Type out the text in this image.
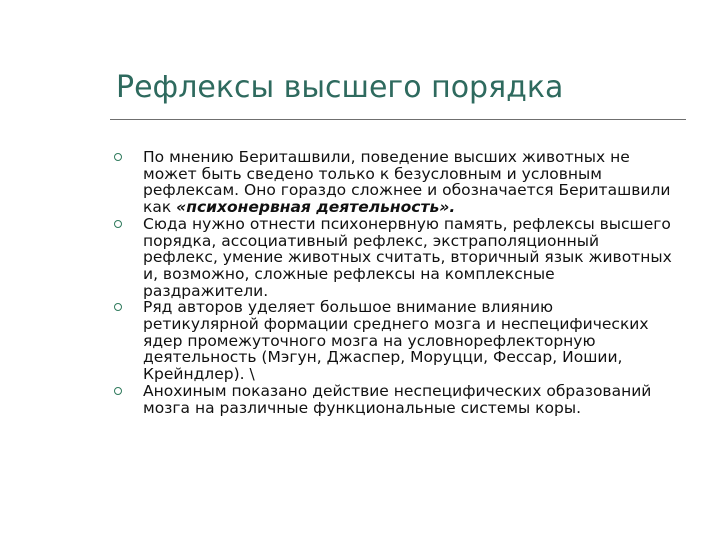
Рефлексы высшего порядка
По мнению Бериташвили, поведение высших животных не может быть сведено только к безусловным и условным рефлексам. Оно гораздо сложнее и обозначается Бериташвили как «психонервная деятельность».
Сюда нужно отнести психонервную память, рефлексы высшего порядка, ассоциативный рефлекс, экстраполяционный рефлекс, умение животных считать, вторичный язык животных и, возможно, сложные рефлексы на комплексные раздражители.
Ряд авторов уделяет большое внимание влиянию ретикулярной формации среднего мозга и неспецифических ядер промежуточного мозга на условнорефлекторную деятельность (Мэгун, Джаспер, Моруцци, Фессар, Иошии, Крейндлер). \
Анохиным показано действие неспецифических образований мозга на различные функциональные системы коры.
